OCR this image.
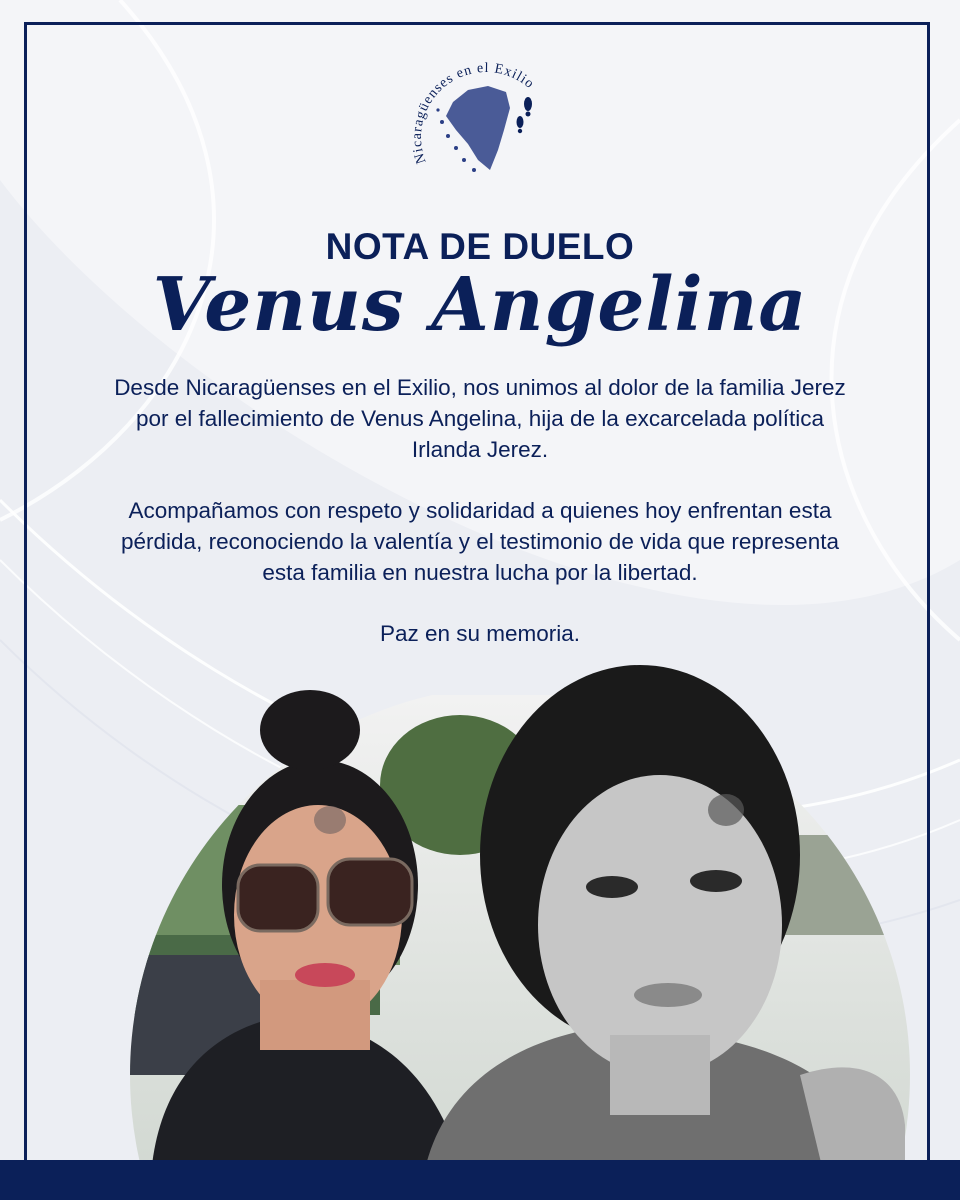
Nicaragüenses en el Exilio
NOTA DE DUELO
Venus Angelina

Desde Nicaragüenses en el Exilio, nos unimos al dolor de la familia Jerez por el fallecimiento de Venus Angelina, hija de la excarcelada política Irlanda Jerez.

Acompañamos con respeto y solidaridad a quienes hoy enfrentan esta pérdida, reconociendo la valentía y el testimonio de vida que representa esta familia en nuestra lucha por la libertad.

Paz en su memoria.
